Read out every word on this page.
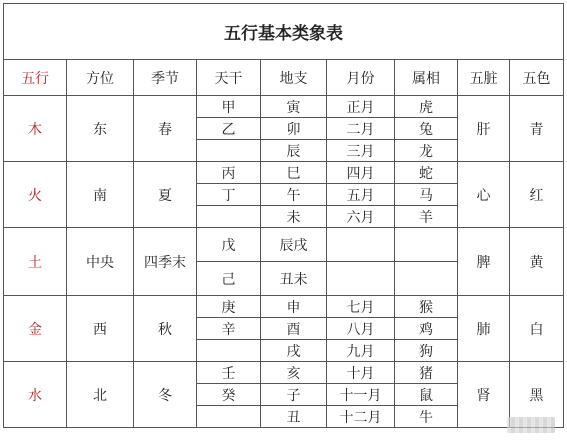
五行基本类象表								
五行	方位	季节	天干	地支	月份	属相	五脏	五色
木	东	春	甲	寅	正月	虎	肝	青
			乙	卯	二月	兔		
				辰	三月	龙		
火	南	夏	丙	巳	四月	蛇	心	红
			丁	午	五月	马		
				未	六月	羊		
土	中央	四季末	戊	辰戌			脾	黄
			己	丑未				
金	西	秋	庚	申	七月	猴	肺	白
			辛	酉	八月	鸡		
				戌	九月	狗		
水	北	冬	壬	亥	十月	猪	肾	黑
			癸	子	十一月	鼠		
				丑	十二月	牛		
